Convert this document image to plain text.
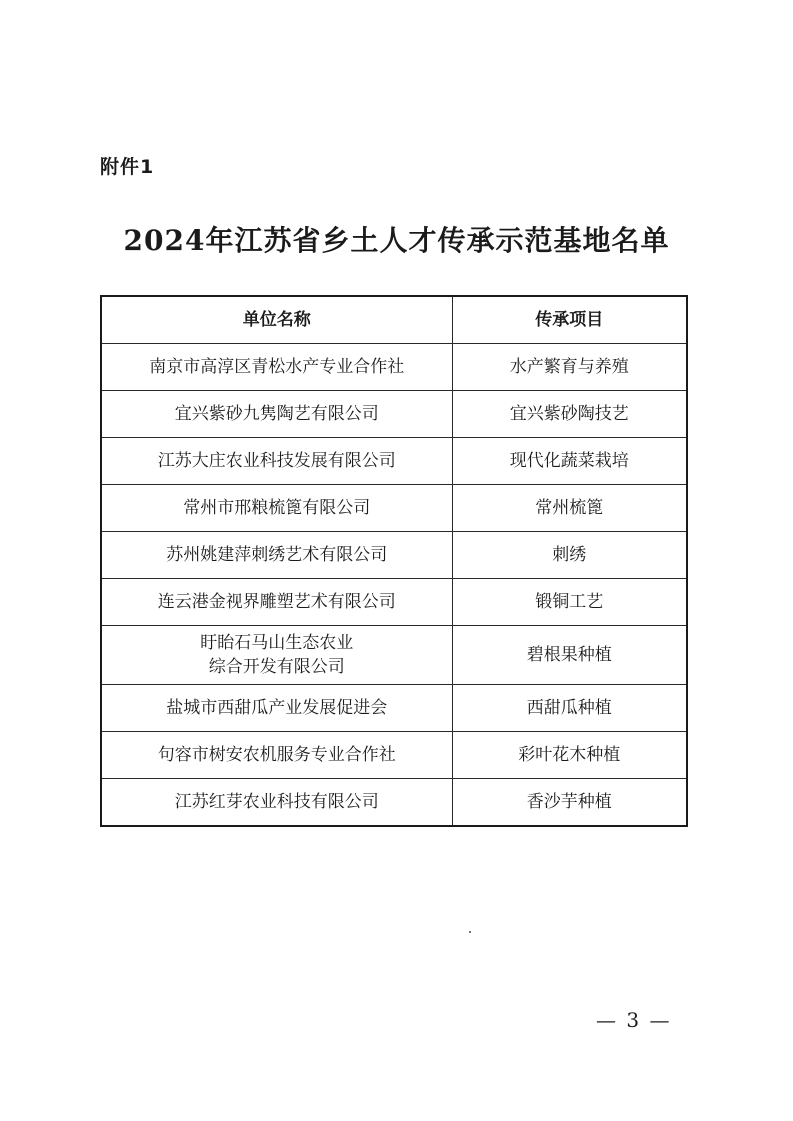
附件1
2024年江苏省乡土人才传承示范基地名单
单位名称	传承项目
南京市高淳区青松水产专业合作社	水产繁育与养殖
宜兴紫砂九隽陶艺有限公司	宜兴紫砂陶技艺
江苏大庄农业科技发展有限公司	现代化蔬菜栽培
常州市邢粮梳篦有限公司	常州梳篦
苏州姚建萍刺绣艺术有限公司	刺绣
连云港金视界雕塑艺术有限公司	锻铜工艺

盱眙石马山生态农业
综合开发有限公司	碧根果种植
盐城市西甜瓜产业发展促进会	西甜瓜种植
句容市树安农机服务专业合作社	彩叶花木种植
江苏红芽农业科技有限公司	香沙芋种植
— 3 —
